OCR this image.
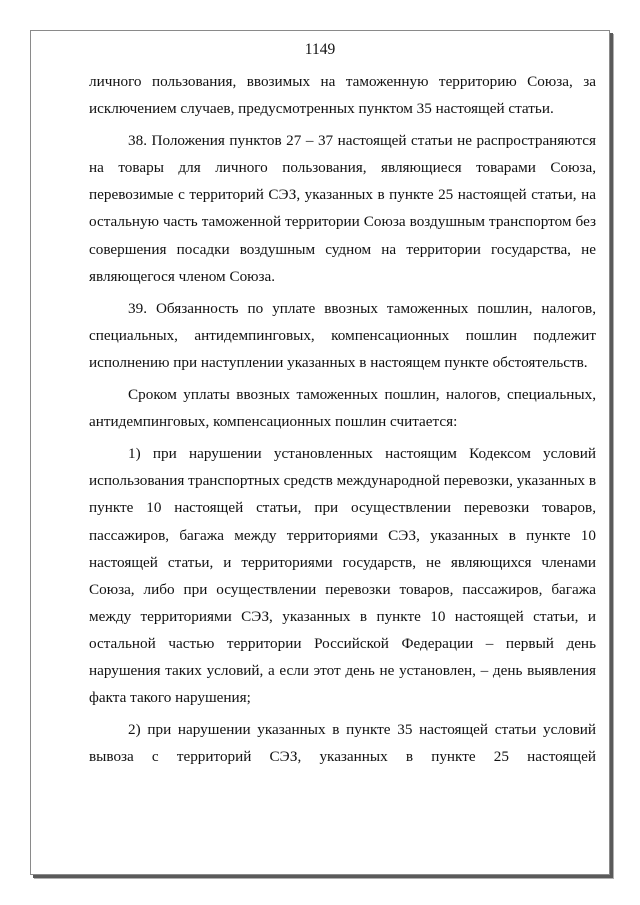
1149

личного пользования, ввозимых на таможенную территорию Союза, за исключением случаев, предусмотренных пунктом 35 настоящей статьи.

38. Положения пунктов 27 – 37 настоящей статьи не распространяются на товары для личного пользования, являющиеся товарами Союза, перевозимые с территорий СЭЗ, указанных в пункте 25 настоящей статьи, на остальную часть таможенной территории Союза воздушным транспортом без совершения посадки воздушным судном на территории государства, не являющегося членом Союза.

39. Обязанность по уплате ввозных таможенных пошлин, налогов, специальных, антидемпинговых, компенсационных пошлин подлежит исполнению при наступлении указанных в настоящем пункте обстоятельств.

Сроком уплаты ввозных таможенных пошлин, налогов, специальных, антидемпинговых, компенсационных пошлин считается:

1) при нарушении установленных настоящим Кодексом условий использования транспортных средств международной перевозки, указанных в пункте 10 настоящей статьи, при осуществлении перевозки товаров, пассажиров, багажа между территориями СЭЗ, указанных в пункте 10 настоящей статьи, и территориями государств, не являющихся членами Союза, либо при осуществлении перевозки товаров, пассажиров, багажа между территориями СЭЗ, указанных в пункте 10 настоящей статьи, и остальной частью территории Российской Федерации – первый день нарушения таких условий, а если этот день не установлен, – день выявления факта такого нарушения;

2) при нарушении указанных в пункте 35 настоящей статьи условий вывоза с территорий СЭЗ, указанных в пункте 25 настоящей
